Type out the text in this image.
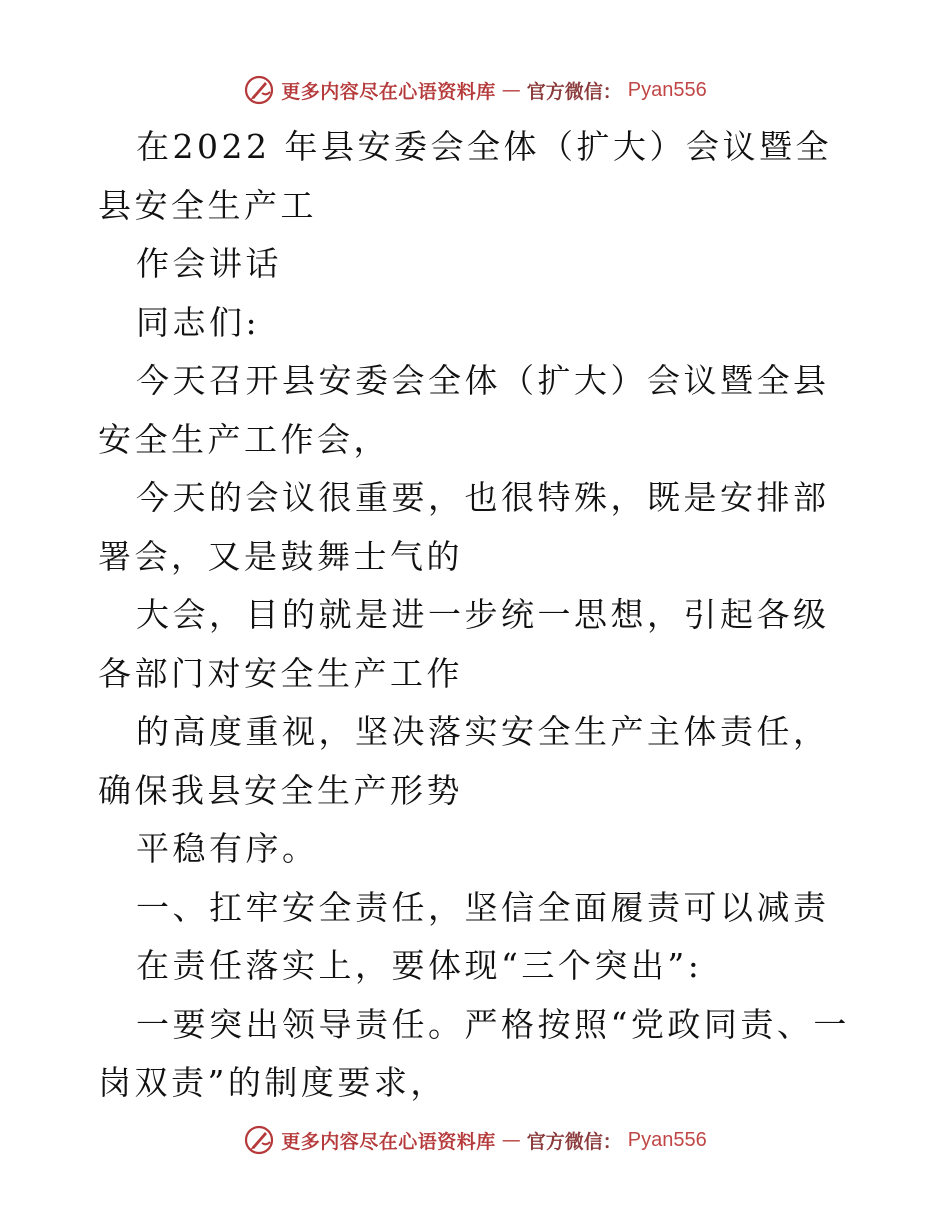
更多内容尽在心语资料库 — 官方微信： Pyan556

在2022 年县安委会全体（扩大）会议暨全县安全生产工

作会讲话

同志们:

今天召开县安委会全体（扩大）会议暨全县安全生产工作会，

今天的会议很重要，也很特殊，既是安排部署会，又是鼓舞士气的

大会，目的就是进一步统一思想，引起各级各部门对安全生产工作

的高度重视，坚决落实安全生产主体责任，确保我县安全生产形势

平稳有序。

一、扛牢安全责任，坚信全面履责可以减责

在责任落实上，要体现“三个突出”:

一要突出领导责任。严格按照“党政同责、一岗双责”的制度要求，

更多内容尽在心语资料库 — 官方微信： Pyan556
